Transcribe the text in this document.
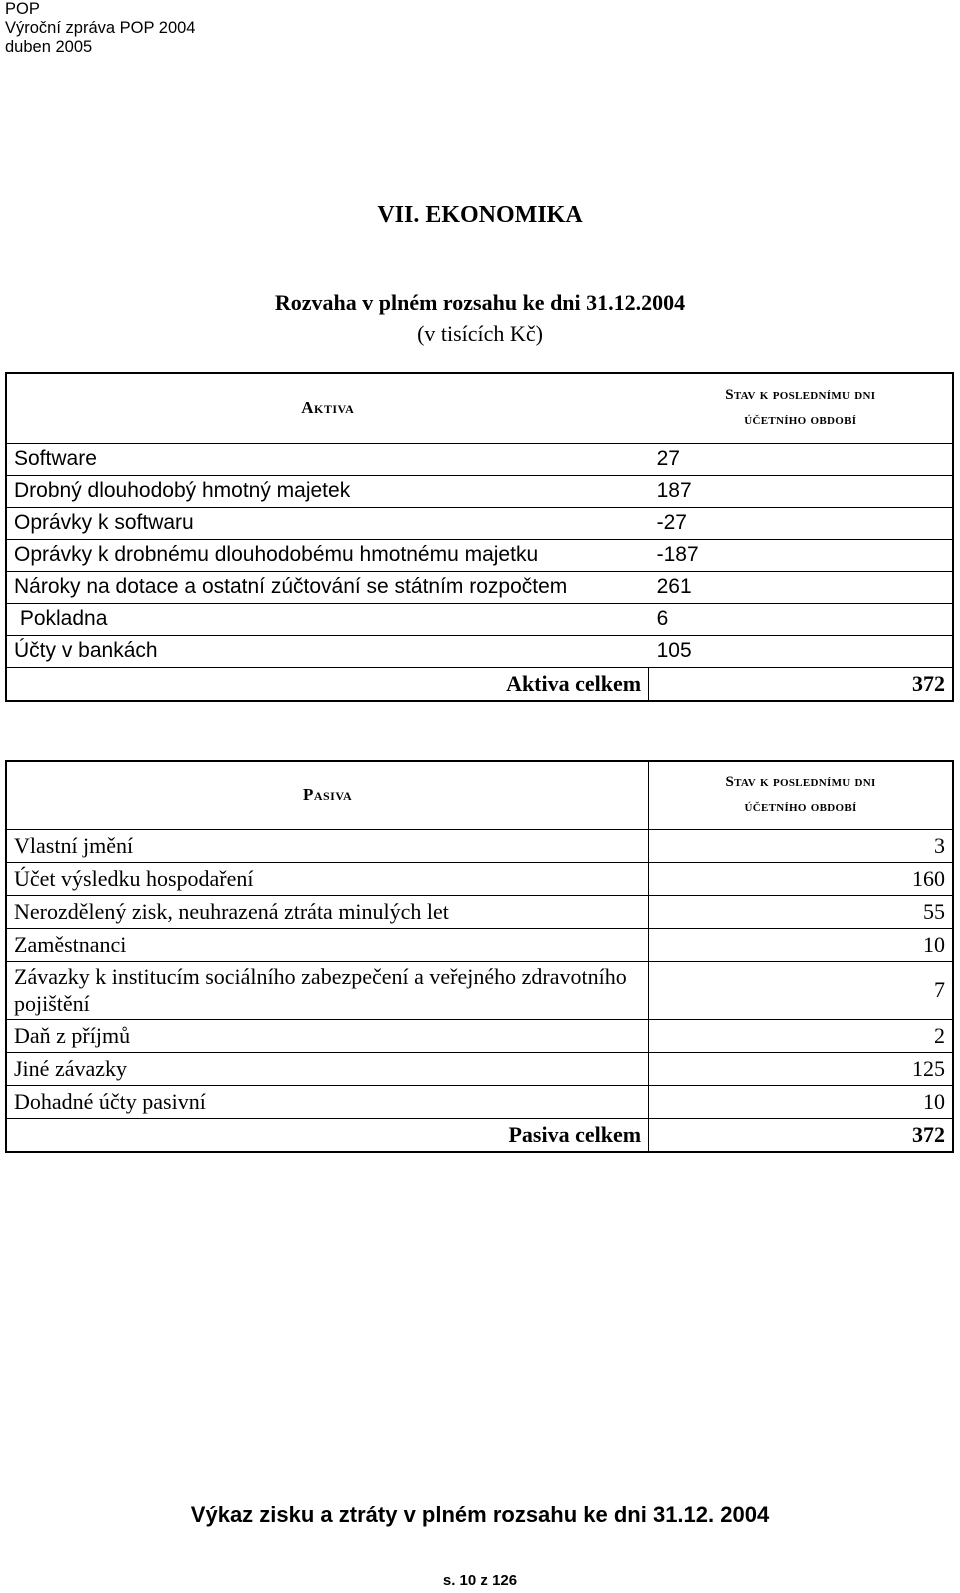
POP
Výroční zpráva POP 2004
duben 2005
VII. EKONOMIKA
Rozvaha v plném rozsahu ke dni 31.12.2004
(v tisících Kč)
Aktiva	Stav k poslednímu dni
účetního období

Software	27
Drobný dlouhodobý hmotný majetek	187
Oprávky k softwaru	-27
Oprávky k drobnému dlouhodobému hmotnému majetku	-187
Nároky na dotace a ostatní zúčtování se státním rozpočtem	261
Pokladna	6
Účty v bankách	105
Aktiva celkem	372
Pasiva	Stav k poslednímu dni
účetního období

Vlastní jmění	3
Účet výsledku hospodaření	160
Nerozdělený zisk, neuhrazená ztráta minulých let	55
Zaměstnanci	10
Závazky k institucím sociálního zabezpečení a veřejného zdravotního pojištění	7
Daň z příjmů	2
Jiné závazky	125
Dohadné účty pasivní	10
Pasiva celkem	372
Výkaz zisku a ztráty v plném rozsahu ke dni 31.12. 2004
s. 10 z 126
